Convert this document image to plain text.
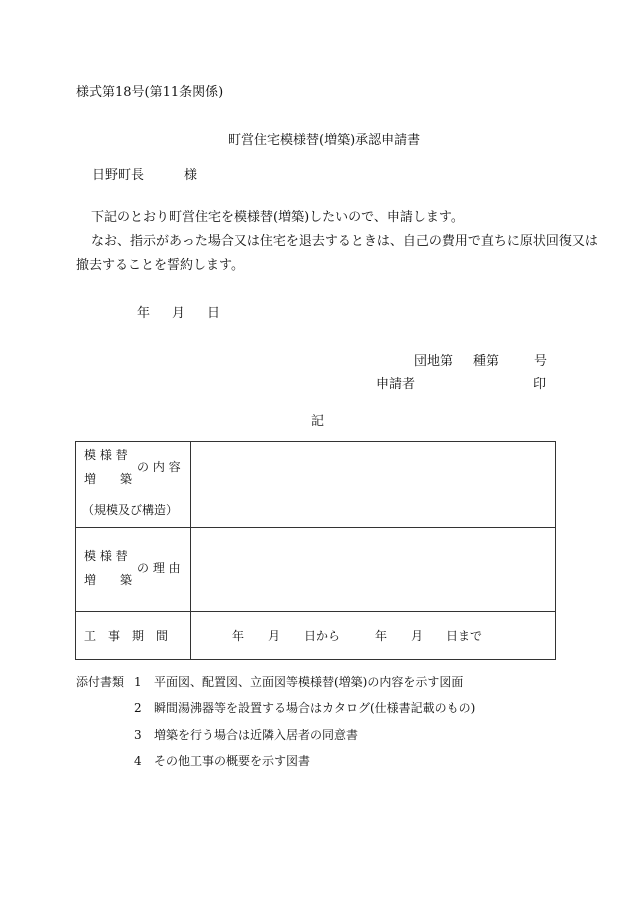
様式第18号(第11条関係)
町営住宅模様替(増築)承認申請書
日野町長	様
下記のとおり町営住宅を模様替(増築)したいので、申請します。
なお、指示があった場合又は住宅を退去するときは、自己の費用で直ちに原状回復又は
撤去することを誓約します。
年 月 日
団地第 種第	号
申請者	印
記
模 様 替
増　　築
の 内 容
（規模及び構造）
模 様 替
増　　築
の 理 由
工　事　期　間	年 月 日から	年 月 日まで
添付書類 1 平面図、配置図、立面図等模様替(増築)の内容を示す図面
2 瞬間湯沸器等を設置する場合はカタログ(仕様書記載のもの)
3 増築を行う場合は近隣入居者の同意書
4 その他工事の概要を示す図書
